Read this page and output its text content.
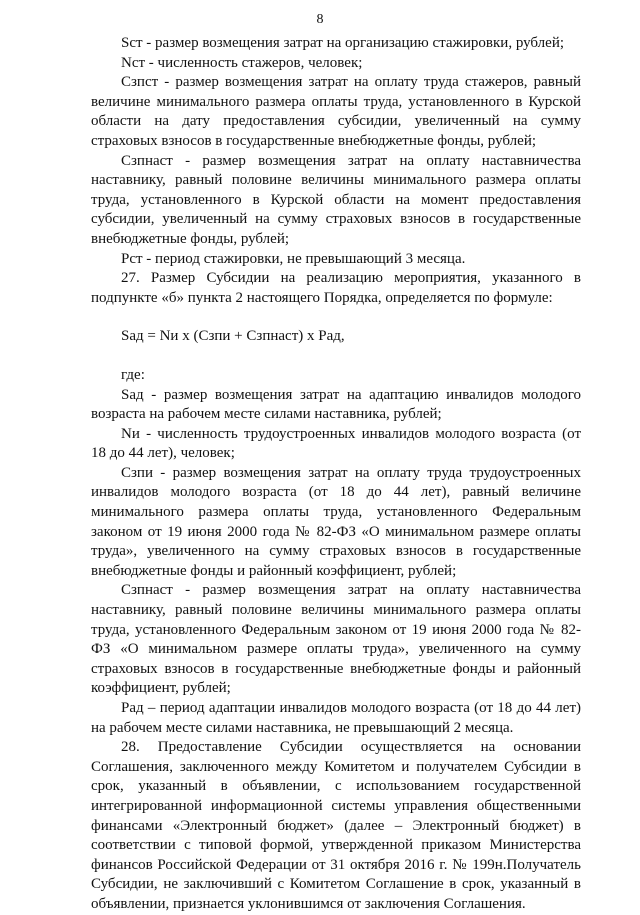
8

Sст - размер возмещения затрат на организацию стажировки, рублей;

Nст - численность стажеров, человек;

Сзпст - размер возмещения затрат на оплату труда стажеров, равный величине минимального размера оплаты труда, установленного в Курской области на дату предоставления субсидии, увеличенный на сумму страховых взносов в государственные внебюджетные фонды, рублей;

Сзпнаст - размер возмещения затрат на оплату наставничества наставнику, равный половине величины минимального размера оплаты труда, установленного в Курской области на момент предоставления субсидии, увеличенный на сумму страховых взносов в государственные внебюджетные фонды, рублей;

Рст - период стажировки, не превышающий 3 месяца.

27. Размер Субсидии на реализацию мероприятия, указанного в подпункте «б» пункта 2 настоящего Порядка, определяется по формуле:

Sад = Nи x (Сзпи + Сзпнаст) x Рад,

где:

Sад - размер возмещения затрат на адаптацию инвалидов молодого возраста на рабочем месте силами наставника, рублей;

Nи - численность трудоустроенных инвалидов молодого возраста (от 18 до 44 лет), человек;

Сзпи - размер возмещения затрат на оплату труда трудоустроенных инвалидов молодого возраста (от 18 до 44 лет), равный величине минимального размера оплаты труда, установленного Федеральным законом от 19 июня 2000 года № 82-ФЗ «О минимальном размере оплаты труда», увеличенного на сумму страховых взносов в государственные внебюджетные фонды и районный коэффициент, рублей;

Сзпнаст - размер возмещения затрат на оплату наставничества наставнику, равный половине величины минимального размера оплаты труда, установленного Федеральным законом от 19 июня 2000 года № 82-ФЗ «О минимальном размере оплаты труда», увеличенного на сумму страховых взносов в государственные внебюджетные фонды и районный коэффициент, рублей;

Рад – период адаптации инвалидов молодого возраста (от 18 до 44 лет) на рабочем месте силами наставника, не превышающий 2 месяца.

28. Предоставление Субсидии осуществляется на основании Соглашения, заключенного между Комитетом и получателем Субсидии в срок, указанный в объявлении, с использованием государственной интегрированной информационной системы управления общественными финансами «Электронный бюджет» (далее – Электронный бюджет) в соответствии с типовой формой, утвержденной приказом Министерства финансов Российской Федерации от 31 октября 2016 г. № 199н.Получатель Субсидии, не заключивший с Комитетом Соглашение в срок, указанный в объявлении, признается уклонившимся от заключения Соглашения.
